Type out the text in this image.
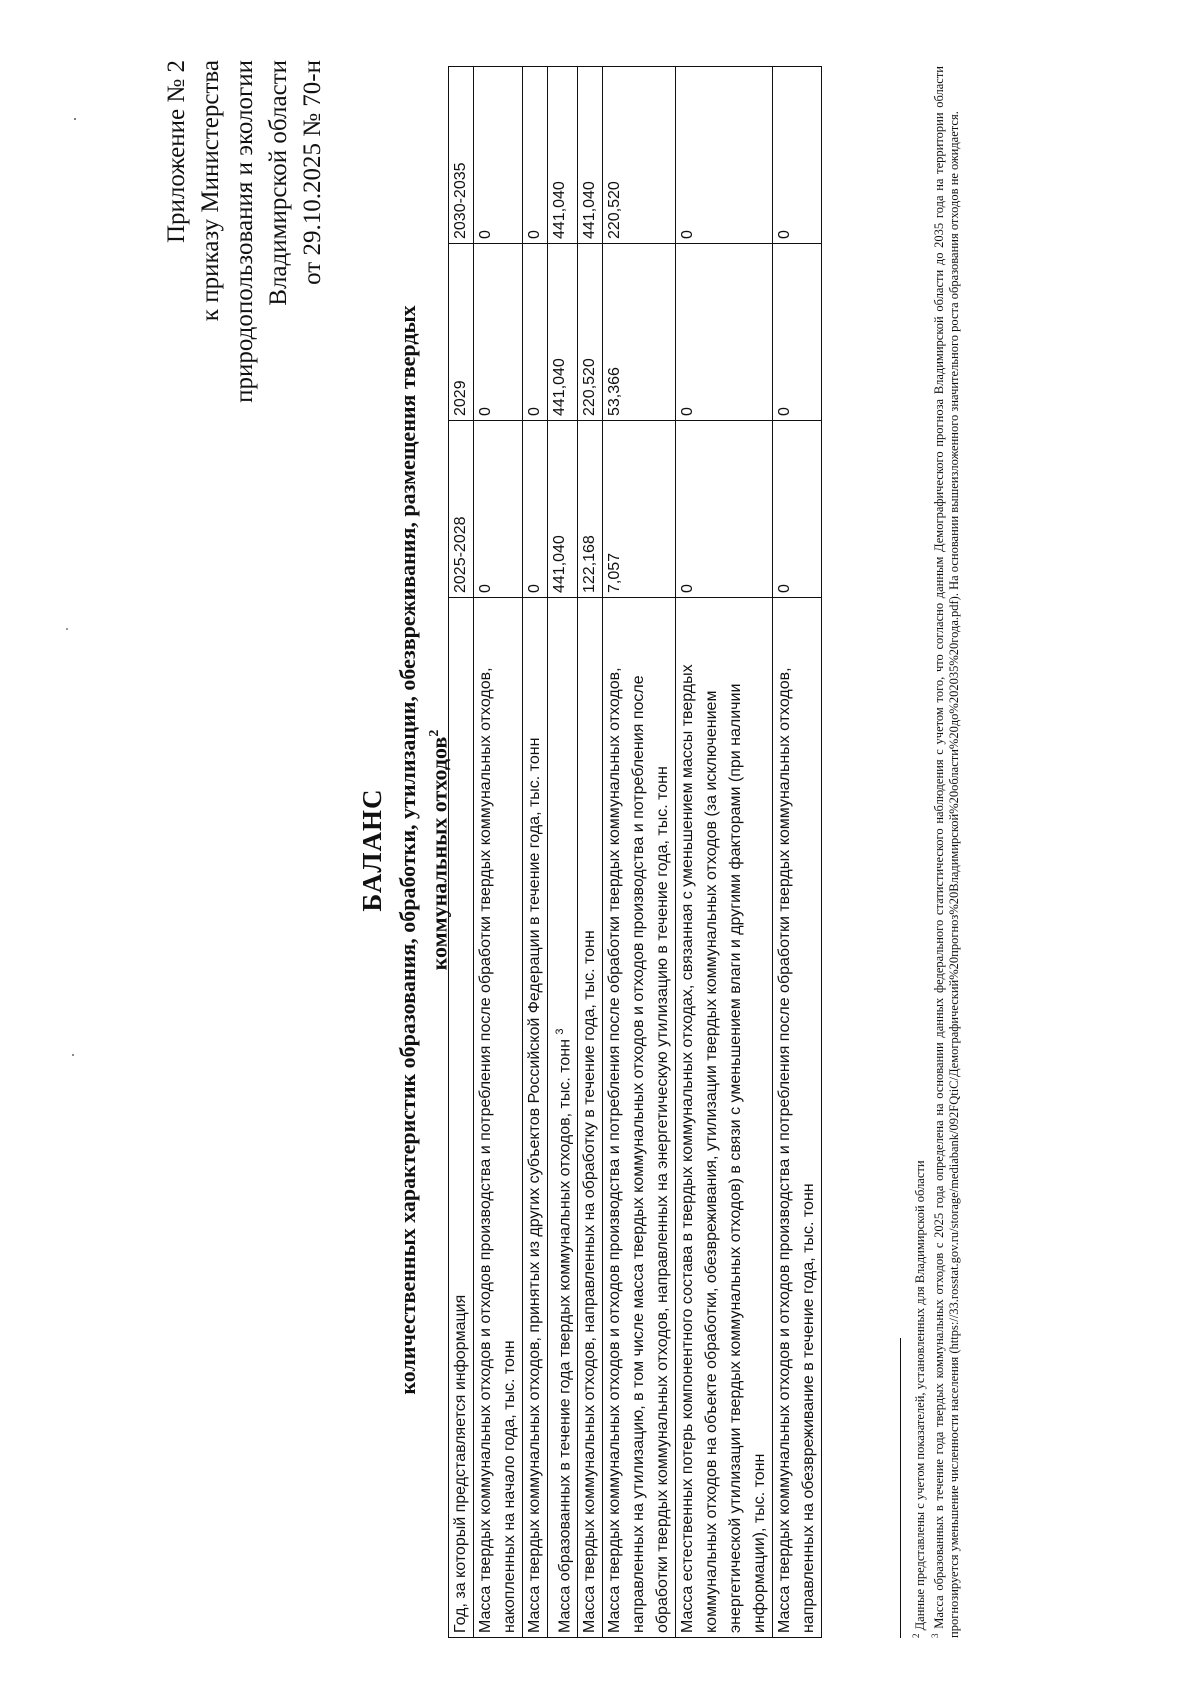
Приложение № 2 к приказу Министерства природопользования и экологии Владимирской области от 29.10.2025 № 70-н
БАЛАНС количественных характеристик образования, обработки, утилизации, обезвреживания, размещения твердых коммунальных отходов$^2$
Год, за который представляется информация	2025-2028	2029	2030-2035
Масса твердых коммунальных отходов и отходов производства и потребления после обработки твердых коммунальных отходов, накопленных на начало года, тыс. тонн	0	0	0
Масса твердых коммунальных отходов, принятых из других субъектов Российской Федерации в течение года, тыс. тонн	0	0	0
Масса образованных в течение года твердых коммунальных отходов, тыс. тонн $^3$	441,040	441,040	441,040
Масса твердых коммунальных отходов, направленных на обработку в течение года, тыс. тонн	122,168	220,520	441,040
Масса твердых коммунальных отходов и отходов производства и потребления после обработки твердых коммунальных отходов, направленных на утилизацию, в том числе масса твердых коммунальных отходов и отходов производства и потребления после обработки твердых коммунальных отходов, направленных на энергетическую утилизацию в течение года, тыс. тонн	7,057	53,366	220,520
Масса естественных потерь компонентного состава в твердых коммунальных отходах, связанная с уменьшением массы твердых коммунальных отходов на объекте обработки, обезвреживания, утилизации твердых коммунальных отходов (за исключением энергетической утилизации твердых коммунальных отходов) в связи с уменьшением влаги и другими факторами (при наличии информации), тыс. тонн	0	0	0
Масса твердых коммунальных отходов и отходов производства и потребления после обработки твердых коммунальных отходов, направленных на обезвреживание в течение года, тыс. тонн	0	0	0
$^2$ Данные представлены с учетом показателей, установленных для Владимирской области
$^3$ Масса образованных в течение года твердых коммунальных отходов с 2025 года определена на основании данных федерального статистического наблюдения с учетом того, что согласно данным Демографического прогноза Владимирской области до 2035 года на территории области прогнозируется уменьшение численности населения (https://33.rosstat.gov.ru/storage/mediabank/092FQtiC/Демографический%20прогноз%20Владимирской%20области%20до%202035%20года.pdf). На основании вышеизложенного значительного роста образования отходов не ожидается.
